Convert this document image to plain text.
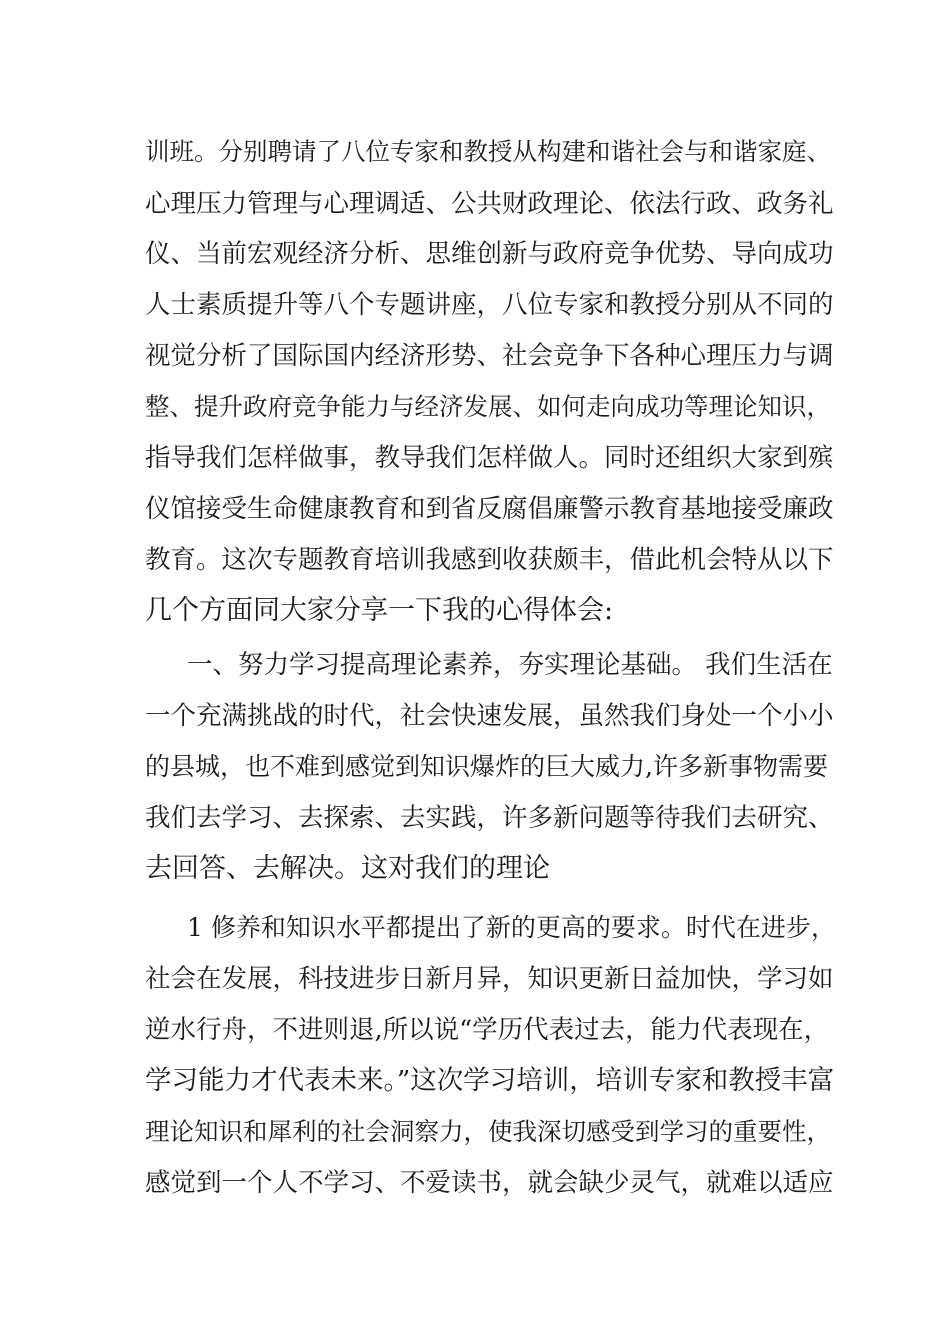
训班。分别聘请了八位专家和教授从构建和谐社会与和谐家庭、
心理压力管理与心理调适、公共财政理论、依法行政、政务礼
仪、当前宏观经济分析、思维创新与政府竞争优势、导向成功
人士素质提升等八个专题讲座，八位专家和教授分别从不同的
视觉分析了国际国内经济形势、社会竞争下各种心理压力与调
整、提升政府竞争能力与经济发展、如何走向成功等理论知识，
指导我们怎样做事，教导我们怎样做人。同时还组织大家到殡
仪馆接受生命健康教育和到省反腐倡廉警示教育基地接受廉政
教育。这次专题教育培训我感到收获颇丰，借此机会特从以下
几个方面同大家分享一下我的心得体会:
一、努力学习提高理论素养，夯实理论基础。 我们生活在
一个充满挑战的时代，社会快速发展，虽然我们身处一个小小
的县城，也不难到感觉到知识爆炸的巨大威力,许多新事物需要
我们去学习、去探索、去实践，许多新问题等待我们去研究、
去回答、去解决。这对我们的理论
1 修养和知识水平都提出了新的更高的要求。时代在进步，
社会在发展，科技进步日新月异，知识更新日益加快，学习如
逆水行舟，不进则退,所以说“学历代表过去，能力代表现在，
学习能力才代表未来。”这次学习培训，培训专家和教授丰富
理论知识和犀利的社会洞察力，使我深切感受到学习的重要性，
感觉到一个人不学习、不爱读书，就会缺少灵气，就难以适应
